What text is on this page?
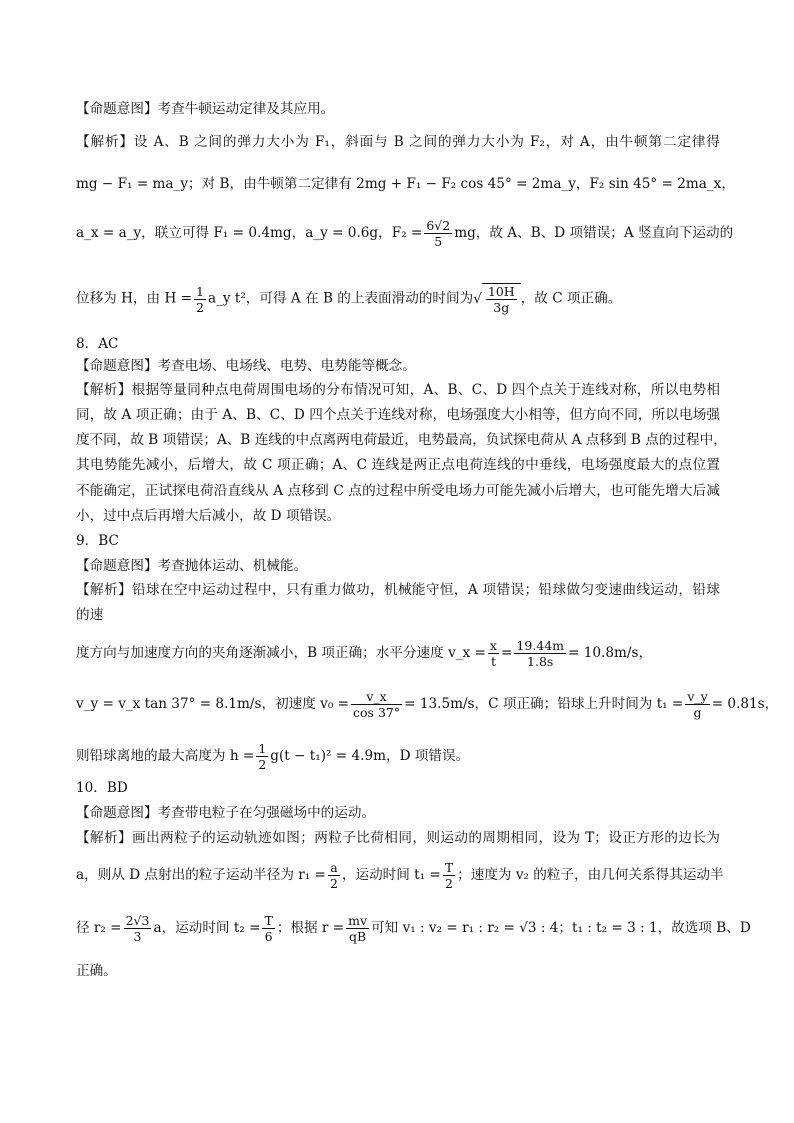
【命题意图】考查牛顿运动定律及其应用。
【解析】设 A、B 之间的弹力大小为 F₁，斜面与 B 之间的弹力大小为 F₂，对 A，由牛顿第二定律得
mg − F₁ = ma_y；对 B，由牛顿第二定律有 2mg + F₁ − F₂ cos 45° = 2ma_y，F₂ sin 45° = 2ma_x，
a_x = a_y，联立可得 F₁ = 0.4mg，a_y = 0.6g，$F_2 = \frac{6√2}{5}$ mg，故 A、B、D 项错误；A 竖直向下运动的
位移为 H，由 $H = \frac{1}{2}$ a_y t²，可得 A 在 B 的上表面滑动的时间为√ $\frac{10H}{3g}$ ，故 C 项正确。
8．AC
【命题意图】考查电场、电场线、电势、电势能等概念。
【解析】根据等量同种点电荷周围电场的分布情况可知，A、B、C、D 四个点关于连线对称，所以电势相
同，故 A 项正确；由于 A、B、C、D 四个点关于连线对称，电场强度大小相等，但方向不同，所以电场强
度不同，故 B 项错误；A、B 连线的中点离两电荷最近，电势最高，负试探电荷从 A 点移到 B 点的过程中，
其电势能先减小，后增大，故 C 项正确；A、C 连线是两正点电荷连线的中垂线，电场强度最大的点位置
不能确定，正试探电荷沿直线从 A 点移到 C 点的过程中所受电场力可能先减小后增大，也可能先增大后减
小，过中点后再增大后减小，故 D 项错误。
9．BC
【命题意图】考查抛体运动、机械能。
【解析】铅球在空中运动过程中，只有重力做功，机械能守恒，A 项错误；铅球做匀变速曲线运动，铅球
的速
度方向与加速度方向的夹角逐渐减小，B 项正确；水平分速度 v_x = $\frac{x}{t} = \frac{19.44m}{1.8s} = 10.8m/s$，
v_y = v_x tan 37° = 8.1m/s，初速度 $v_0 = \frac{v\_x}{\cos 37^\circ} = 13.5m/s$，C 项正确；铅球上升时间为 $t_1 = \frac{v\_y}{g} = 0.81s$，
则铅球离地的最大高度为 $h = \frac{1}{2} g(t - t_1)^2 = 4.9m$，D 项错误。
10．BD
【命题意图】考查带电粒子在匀强磁场中的运动。
【解析】画出两粒子的运动轨迹如图；两粒子比荷相同，则运动的周期相同，设为 T；设正方形的边长为
a，则从 D 点射出的粒子运动半径为 $r_1 = \frac{a}{2}$ ，运动时间 $t_1 = \frac{T}{2}$ ；速度为 v₂ 的粒子，由几何关系得其运动半
径 $r_2 = \frac{2√3}{3}$ a，运动时间 $t_2 = \frac{T}{6}$ ；根据 $r = \frac{mv}{qB}$ 可知 v₁ : v₂ = r₁ : r₂ = √3 : 4；t₁ : t₂ = 3 : 1，故选项 B、D
正确。
